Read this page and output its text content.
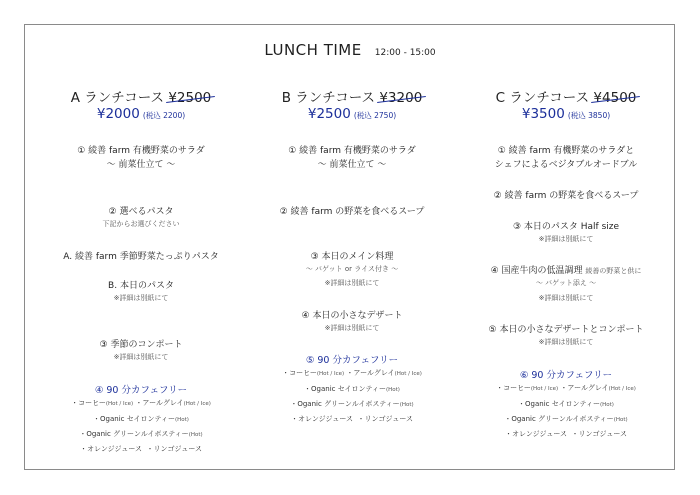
LUNCH TIME 12:00 - 15:00
A ランチコース ¥2500
¥2000 (税込 2200)
① 綾善 farm 有機野菜のサラダ
〜 前菜仕立て 〜
② 選べるパスタ
下記からお選びください
A. 綾善 farm 季節野菜たっぷりパスタ
B. 本日のパスタ
※詳細は別紙にて
③ 季節のコンポート
※詳細は別紙にて
④ 90 分カフェフリー
・コーヒー(Hot / Ice) ・アールグレイ(Hot / Ice)
・Oganic セイロンティー(Hot)
・Oganic グリーンルイボスティー(Hot)
・オレンジジュース ・リンゴジュース
B ランチコース ¥3200
¥2500 (税込 2750)
① 綾善 farm 有機野菜のサラダ
〜 前菜仕立て 〜
② 綾善 farm の野菜を食べるスープ
③ 本日のメイン料理
〜 バゲット or ライス付き 〜
※詳細は別紙にて
④ 本日の小さなデザート
※詳細は別紙にて
⑤ 90 分カフェフリー
・コーヒー(Hot / Ice) ・アールグレイ(Hot / Ice)
・Oganic セイロンティー(Hot)
・Oganic グリーンルイボスティー(Hot)
・オレンジジュース ・リンゴジュース
C ランチコース ¥4500
¥3500 (税込 3850)
① 綾善 farm 有機野菜のサラダと
シェフによるベジタブルオードブル
② 綾善 farm の野菜を食べるスープ
③ 本日のパスタ Half size
※詳細は別紙にて
④ 国産牛肉の低温調理 綾善の野菜と供に
〜 バゲット添え 〜
※詳細は別紙にて
⑤ 本日の小さなデザートとコンポート
※詳細は別紙にて
⑥ 90 分カフェフリー
・コーヒー(Hot / Ice) ・アールグレイ(Hot / Ice)
・Oganic セイロンティー(Hot)
・Oganic グリーンルイボスティー(Hot)
・オレンジジュース ・リンゴジュース
